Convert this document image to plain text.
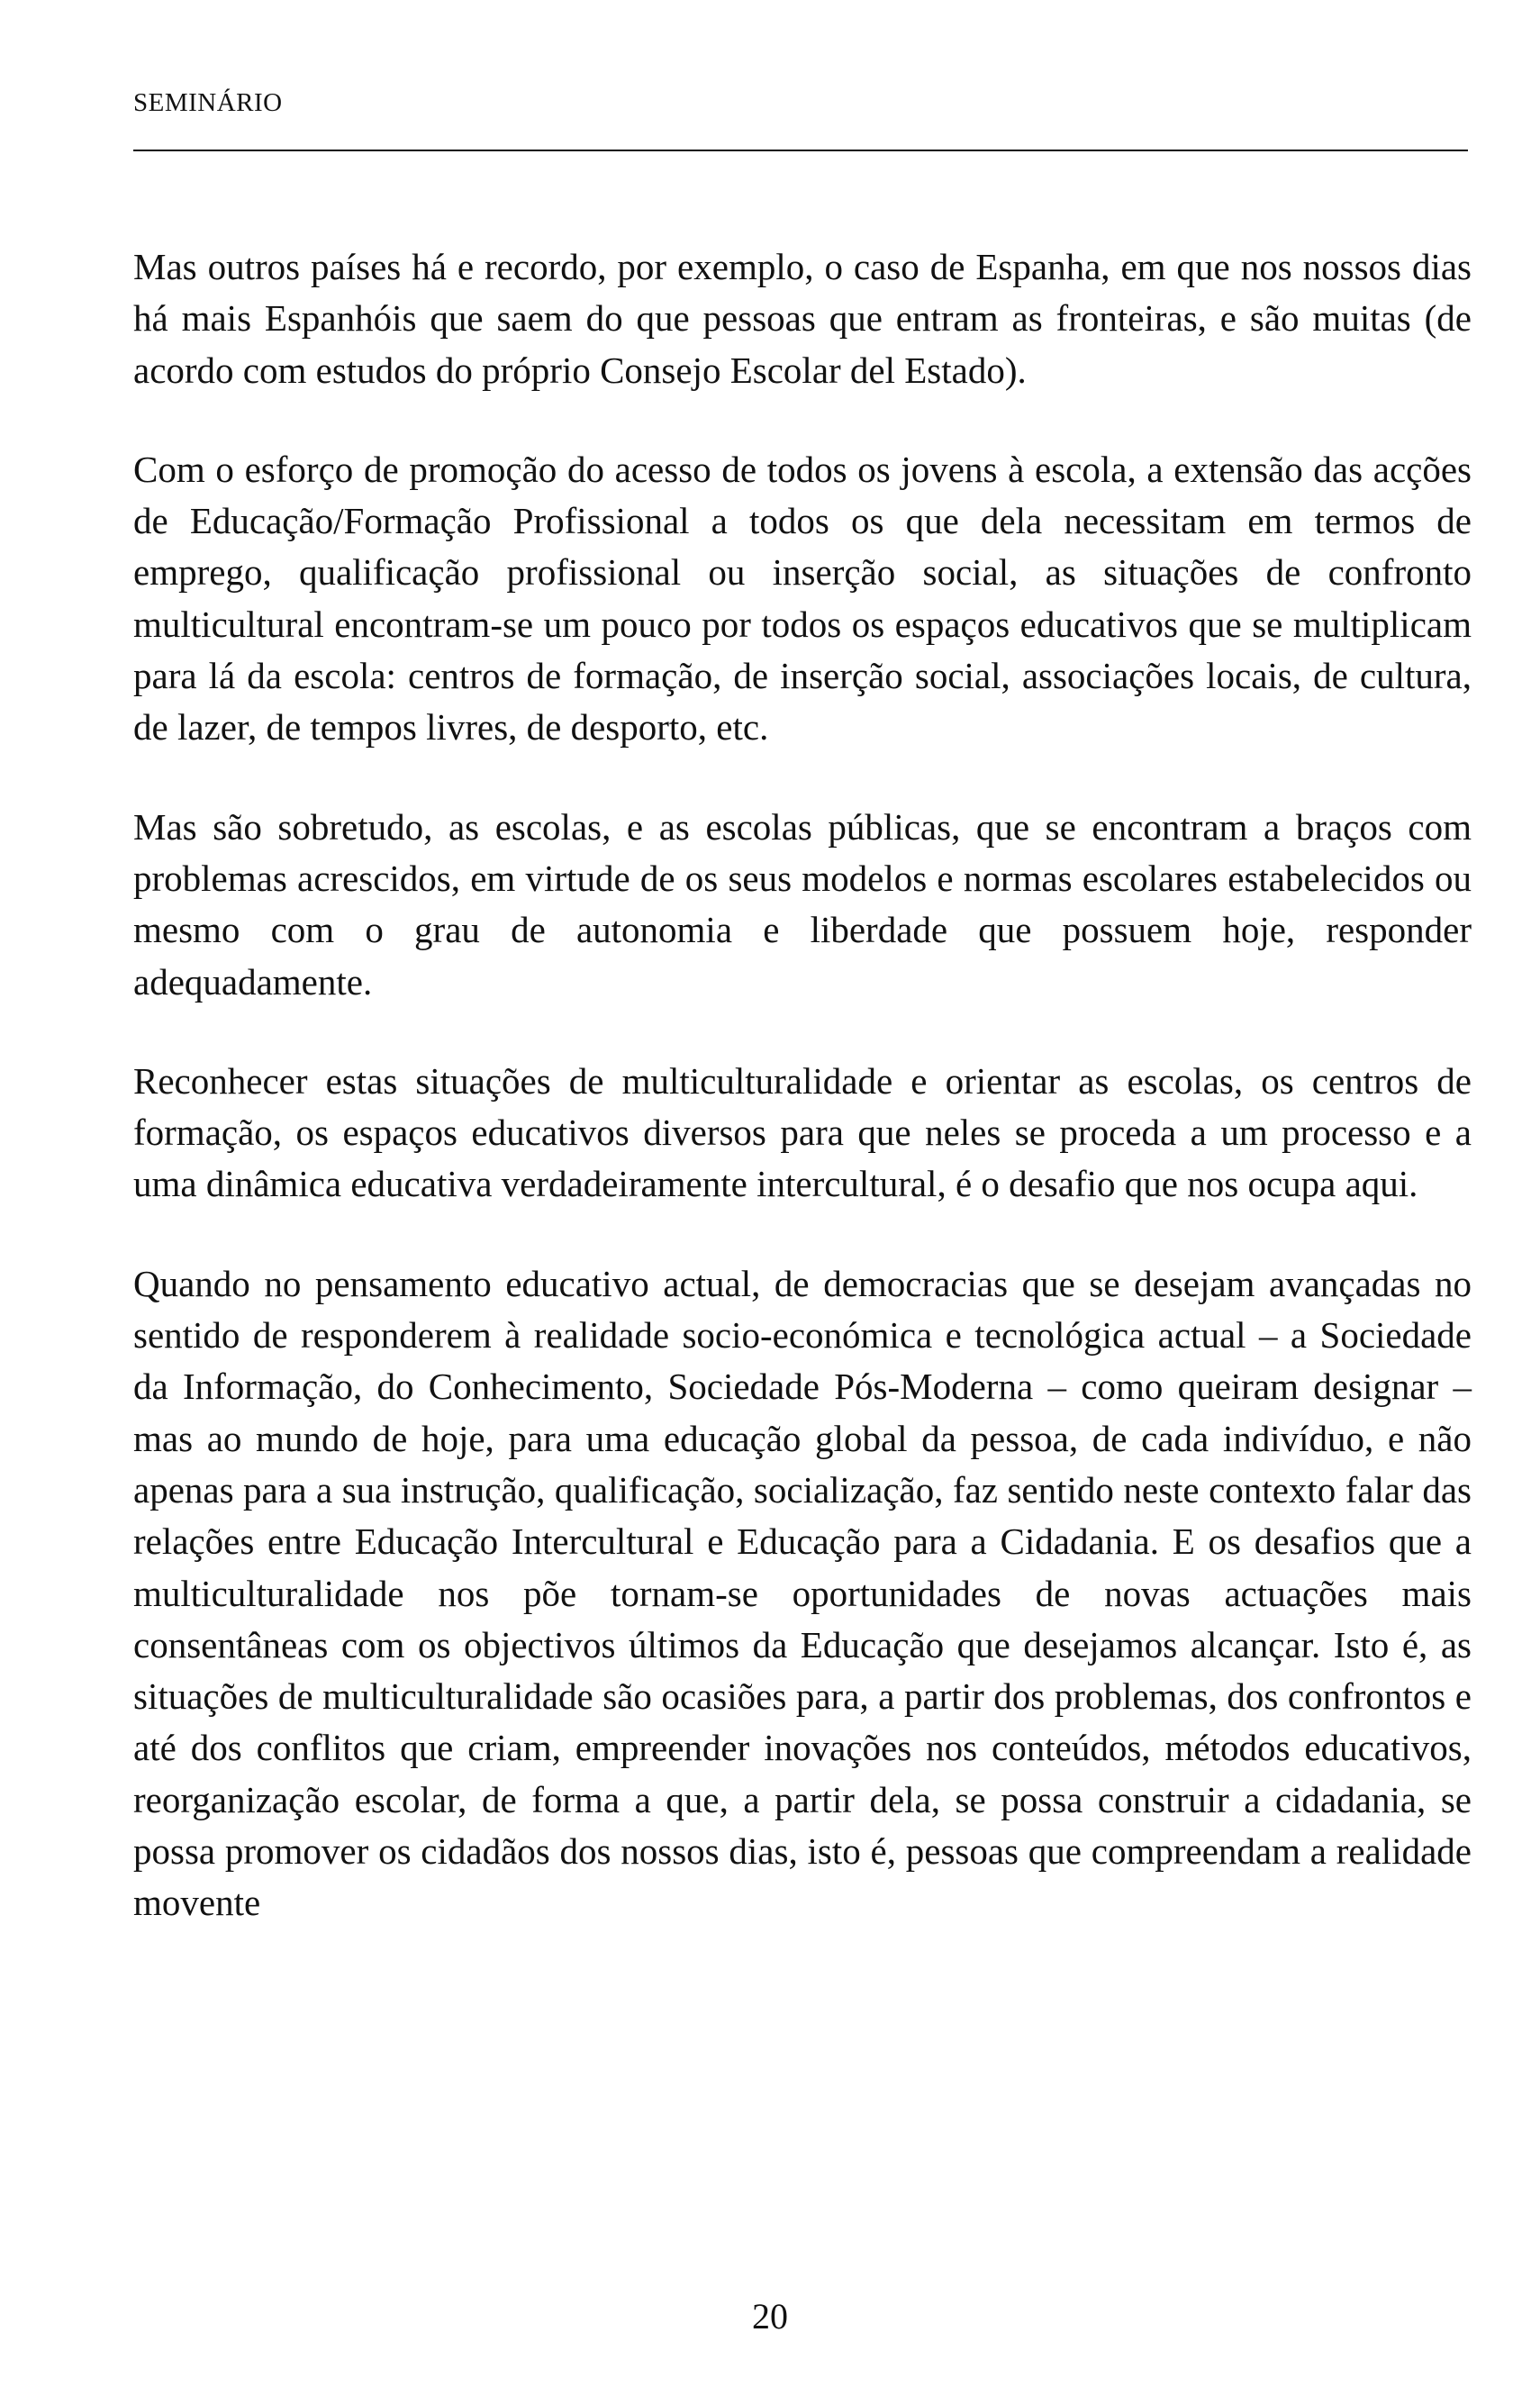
SEMINÁRIO

Mas outros países há e recordo, por exemplo, o caso de Espanha, em que nos nossos dias há mais Espanhóis que saem do que pessoas que entram as fronteiras, e são muitas (de acordo com estudos do próprio Consejo Escolar del Estado).

Com o esforço de promoção do acesso de todos os jovens à escola, a extensão das acções de Educação/Formação Profissional a todos os que dela necessitam em termos de emprego, qualificação profissional ou inserção social, as situações de confronto multicultural encontram-se um pouco por todos os espaços educativos que se multiplicam para lá da escola: centros de formação, de inserção social, associações locais, de cultura, de lazer, de tempos livres, de desporto, etc.

Mas são sobretudo, as escolas, e as escolas públicas, que se encontram a braços com problemas acrescidos, em virtude de os seus modelos e normas escolares estabelecidos ou mesmo com o grau de autonomia e liberdade que possuem hoje, responder adequadamente.

Reconhecer estas situações de multiculturalidade e orientar as escolas, os centros de formação, os espaços educativos diversos para que neles se proceda a um processo e a uma dinâmica educativa verdadeiramente intercultural, é o desafio que nos ocupa aqui.

Quando no pensamento educativo actual, de democracias que se desejam avançadas no sentido de responderem à realidade socio-económica e tecnológica actual – a Sociedade da Informação, do Conhecimento, Sociedade Pós-Moderna – como queiram designar – mas ao mundo de hoje, para uma educação global da pessoa, de cada indivíduo, e não apenas para a sua instrução, qualificação, socialização, faz sentido neste contexto falar das relações entre Educação Intercultural e Educação para a Cidadania. E os desafios que a multiculturalidade nos põe tornam-se oportunidades de novas actuações mais consentâneas com os objectivos últimos da Educação que desejamos alcançar. Isto é, as situações de multiculturalidade são ocasiões para, a partir dos problemas, dos confrontos e até dos conflitos que criam, empreender inovações nos conteúdos, métodos educativos, reorganização escolar, de forma a que, a partir dela, se possa construir a cidadania, se possa promover os cidadãos dos nossos dias, isto é, pessoas que compreendam a realidade movente

20
